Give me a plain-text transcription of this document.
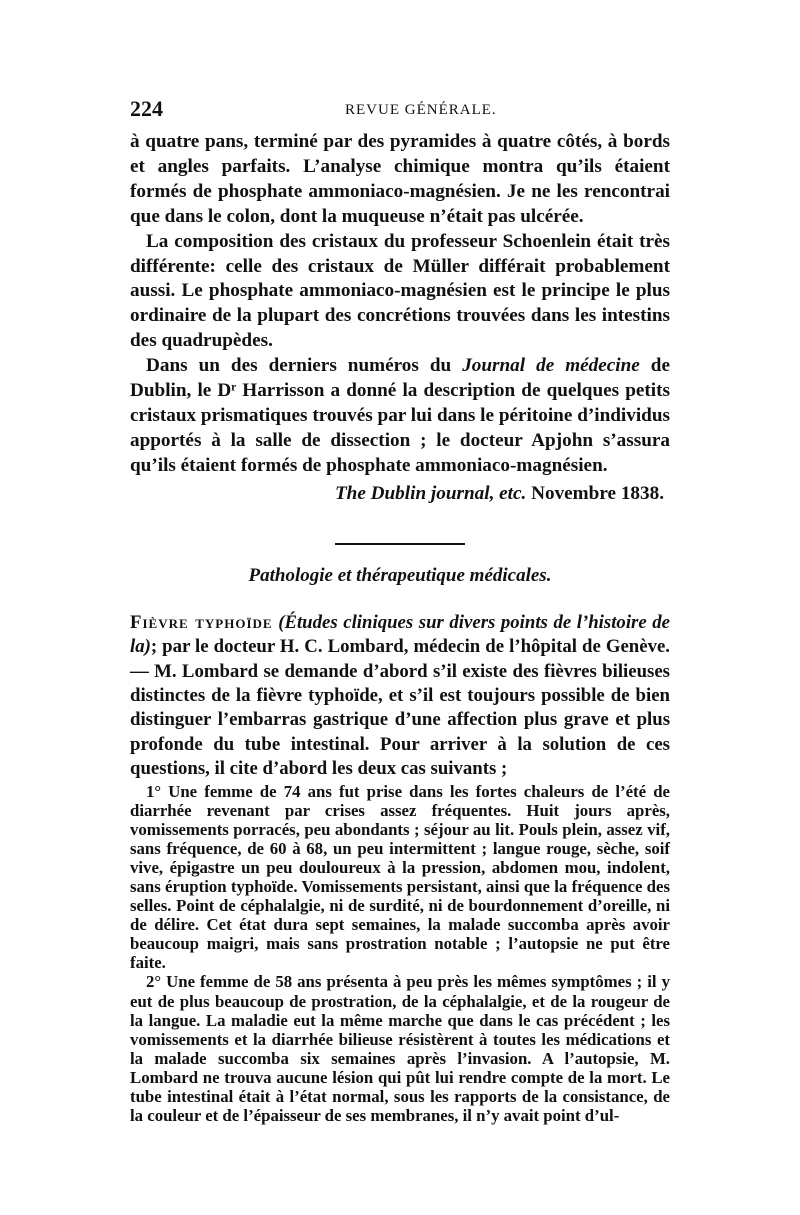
224	REVUE GÉNÉRALE.

à quatre pans, terminé par des pyramides à quatre côtés, à bords et angles parfaits. L’analyse chimique montra qu’ils étaient formés de phosphate ammoniaco-magnésien. Je ne les rencontrai que dans le colon, dont la muqueuse n’était pas ulcérée.

La composition des cristaux du professeur Schoenlein était très différente: celle des cristaux de Müller différait probablement aussi. Le phosphate ammoniaco-magnésien est le principe le plus ordinaire de la plupart des concrétions trouvées dans les intestins des quadrupèdes.

Dans un des derniers numéros du Journal de médecine de Dublin, le Dʳ Harrisson a donné la description de quelques petits cristaux prismatiques trouvés par lui dans le péritoine d’individus apportés à la salle de dissection ; le docteur Apjohn s’assura qu’ils étaient formés de phosphate ammoniaco-magnésien.

The Dublin journal, etc. Novembre 1838.
Pathologie et thérapeutique médicales.

Fièvre typhoïde (Études cliniques sur divers points de l’histoire de la); par le docteur H. C. Lombard, médecin de l’hôpital de Genève. — M. Lombard se demande d’abord s’il existe des fièvres bilieuses distinctes de la fièvre typhoïde, et s’il est toujours possible de bien distinguer l’embarras gastrique d’une affection plus grave et plus profonde du tube intestinal. Pour arriver à la solution de ces questions, il cite d’abord les deux cas suivants ;

1° Une femme de 74 ans fut prise dans les fortes chaleurs de l’été de diarrhée revenant par crises assez fréquentes. Huit jours après, vomissements porracés, peu abondants ; séjour au lit. Pouls plein, assez vif, sans fréquence, de 60 à 68, un peu intermittent ; langue rouge, sèche, soif vive, épigastre un peu douloureux à la pression, abdomen mou, indolent, sans éruption typhoïde. Vomissements persistant, ainsi que la fréquence des selles. Point de céphalalgie, ni de surdité, ni de bourdonnement d’oreille, ni de délire. Cet état dura sept semaines, la malade succomba après avoir beaucoup maigri, mais sans prostration notable ; l’autopsie ne put être faite.

2° Une femme de 58 ans présenta à peu près les mêmes symptômes ; il y eut de plus beaucoup de prostration, de la céphalalgie, et de la rougeur de la langue. La maladie eut la même marche que dans le cas précédent ; les vomissements et la diarrhée bilieuse résistèrent à toutes les médications et la malade succomba six semaines après l’invasion. A l’autopsie, M. Lombard ne trouva aucune lésion qui pût lui rendre compte de la mort. Le tube intestinal était à l’état normal, sous les rapports de la consistance, de la couleur et de l’épaisseur de ses membranes, il n’y avait point d’ul-
